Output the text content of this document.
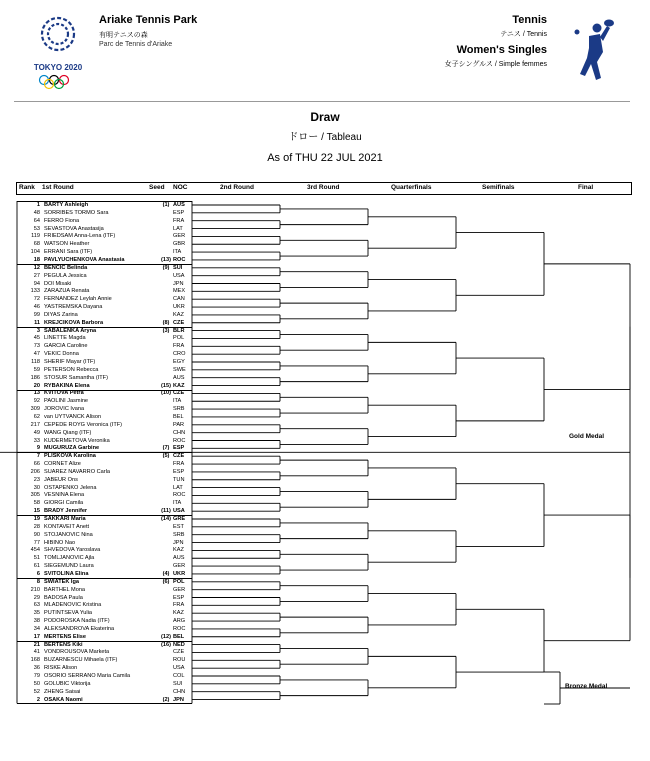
TOKYO 2020
Ariake Tennis Park
有明テニスの森
Parc de Tennis d'Ariake
Tennis
テニス / Tennis
Women's Singles
女子シングルス / Simple femmes
Draw
ドロー / Tableau
As of THU 22 JUL 2021
Rank 1st Round	Seed NOC	2nd Round	3rd Round	Quarterfinals	Semifinals	Final
1 BARTY Ashleigh	(1) AUS
48 SORRIBES TORMO Sara	ESP
64 FERRO Fiona	FRA
53 SEVASTOVA Anastasija	LAT
119 FRIEDSAM Anna-Lena (ITF)	GER
68 WATSON Heather	GBR
104 ERRANI Sara (ITF)	ITA
18 PAVLYUCHENKOVA Anastasia	(13) ROC
12 BENCIC Belinda	(9) SUI
27 PEGULA Jessica	USA
94 DOI Misaki	JPN
133 ZARAZUA Renata	MEX
72 FERNANDEZ Leylah Annie	CAN
46 YASTREMSKA Dayana	UKR
99 DIYAS Zarina	KAZ
11 KREJCIKOVA Barbora	(8) CZE
3 SABALENKA Aryna	(3) BLR
45 LINETTE Magda	POL
73 GARCIA Caroline	FRA
47 VEKIC Donna	CRO
118 SHERIF Mayar (ITF)	EGY
59 PETERSON Rebecca	SWE
186 STOSUR Samantha (ITF)	AUS
20 RYBAKINA Elena	(15) KAZ
13 KVITOVA Petra	(10) CZE
92 PAOLINI Jasmine	ITA
309 JOROVIC Ivana	SRB
62 van UYTVANCK Alison	BEL
217 CEPEDE ROYG Veronica (ITF)	PAR
49 WANG Qiang (ITF)	CHN
33 KUDERMETOVA Veronika	ROC
9 MUGURUZA Garbine	(7) ESP
7 PLISKOVA Karolina	(5) CZE
66 CORNET Alize	FRA
206 SUAREZ NAVARRO Carla	ESP
23 JABEUR Ons	TUN
30 OSTAPENKO Jelena	LAT
305 VESNINA Elena	ROC
58 GIORGI Camila	ITA
15 BRADY Jennifer	(11) USA
19 SAKKARI Maria	(14) GRE
28 KONTAVEIT Anett	EST
90 STOJANOVIC Nina	SRB
77 HIBINO Nao	JPN
454 SHVEDOVA Yaroslava	KAZ
51 TOMLJANOVIC Ajla	AUS
61 SIEGEMUND Laura	GER
6 SVITOLINA Elina	(4) UKR
8 SWIATEK Iga	(6) POL
210 BARTHEL Mona	GER
29 BADOSA Paula	ESP
63 MLADENOVIC Kristina	FRA
35 PUTINTSEVA Yulia	KAZ
38 PODOROSKA Nadia (ITF)	ARG
34 ALEKSANDROVA Ekaterina	ROC
17 MERTENS Elise	(12) BEL
21 BERTENS Kiki	(16) NED
41 VONDROUSOVA Marketa	CZE
168 BUZARNESCU Mihaela (ITF)	ROU
36 RISKE Alison	USA
79 OSORIO SERRANO Maria Camila	COL
50 GOLUBIC Viktorija	SUI
52 ZHENG Saisai	CHN
2 OSAKA Naomi	(2) JPN
Gold Medal
Bronze Medal
